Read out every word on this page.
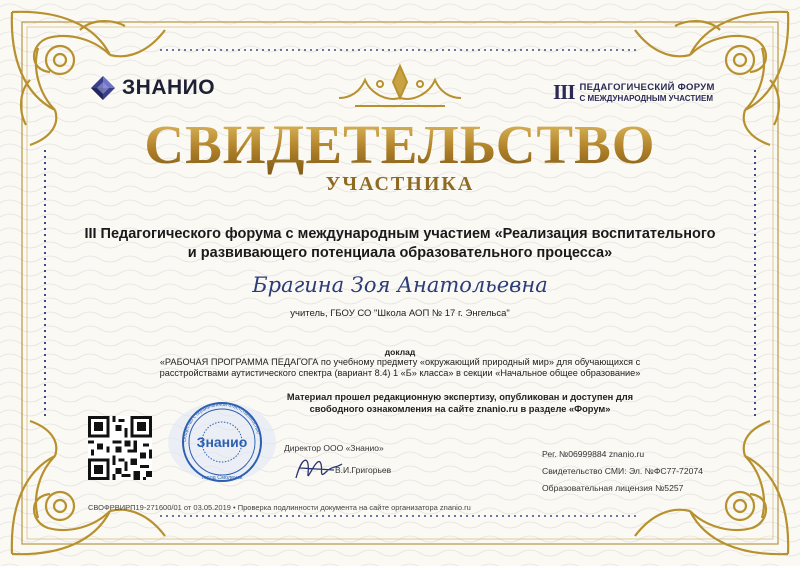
ЗНАНИО	III ПЕДАГОГИЧЕСКИЙ ФОРУМ
С МЕЖДУНАРОДНЫМ УЧАСТИЕМ
СВИДЕТЕЛЬСТВО
УЧАСТНИКА
III Педагогического форума с международным участием «Реализация воспитательного и развивающего потенциала образовательного процесса»
Брагина Зоя Анатольевна
учитель, ГБОУ СО "Школа АОП № 17 г. Энгельса"
доклад
«РАБОЧАЯ ПРОГРАММА ПЕДАГОГА по учебному предмету «окружающий природный мир» для обучающихся с расстройствами аутистического спектра (вариант 8.4) 1 «Б» класса» в секции «Начальное общее образование»
Материал прошел редакционную экспертизу, опубликован и доступен для свободного ознакомления на сайте znanio.ru в разделе «Форум»
Общество с ограниченной ответственностью
Знанио
город Смоленск
Директор ООО «Знанио»
В.И.Григорьев
Рег. №06999884 znanio.ru
Свидетельство СМИ: Эл. №ФС77-72074
Образовательная лицензия №5257
СВОФРВИРП19-271600/01 от 03.05.2019 • Проверка подлинности документа на сайте организатора znanio.ru
